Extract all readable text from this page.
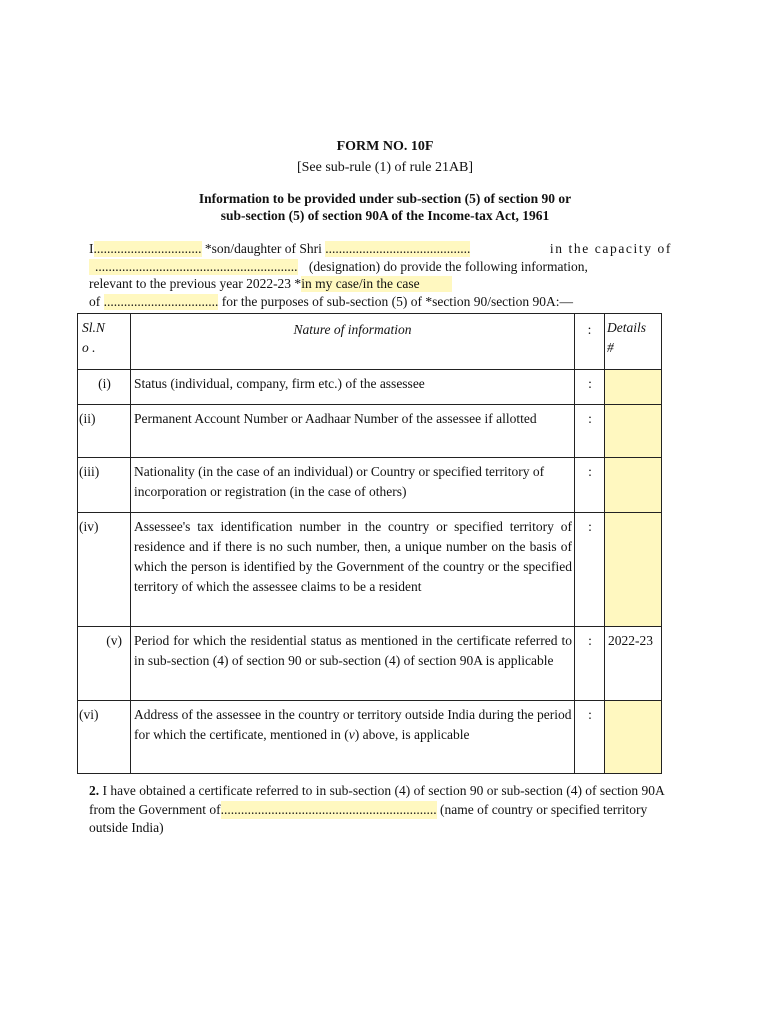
FORM NO. 10F
[See sub-rule (1) of rule 21AB]
Information to be provided under sub-section (5) of section 90 or
sub-section (5) of section 90A of the Income-tax Act, 1961
I................................ *son/daughter of Shri ...........................................	in the capacity of
............................................................ (designation) do provide the following information,
relevant to the previous year 2022-23 *in my case/in the case
of .................................. for the purposes of sub-section (5) of *section 90/section 90A:—
Sl.N
o .	Nature of information	:	Details
#

(i)	Status (individual, company, firm etc.) of the assessee	:	

(ii)	Permanent Account Number or Aadhaar Number of the assessee if allotted	:	

(iii)	Nationality (in the case of an individual) or Country or specified territory of incorporation or registration (in the case of others)	:	

(iv)	Assessee's tax identification number in the country or specified territory of residence and if there is no such number, then, a unique number on the basis of which the person is identified by the Government of the country or the specified territory of which the assessee claims to be a resident	:	

(v)	Period for which the residential status as mentioned in the certificate referred to in sub-section (4) of section 90 or sub-section (4) of section 90A is applicable	:	2022-23

(vi)	Address of the assessee in the country or territory outside India during the period for which the certificate, mentioned in (v) above, is applicable	:	

2. I have obtained a certificate referred to in sub-section (4) of section 90 or sub-section (4) of section 90A from the Government of................................................................ (name of country or specified territory outside India)
